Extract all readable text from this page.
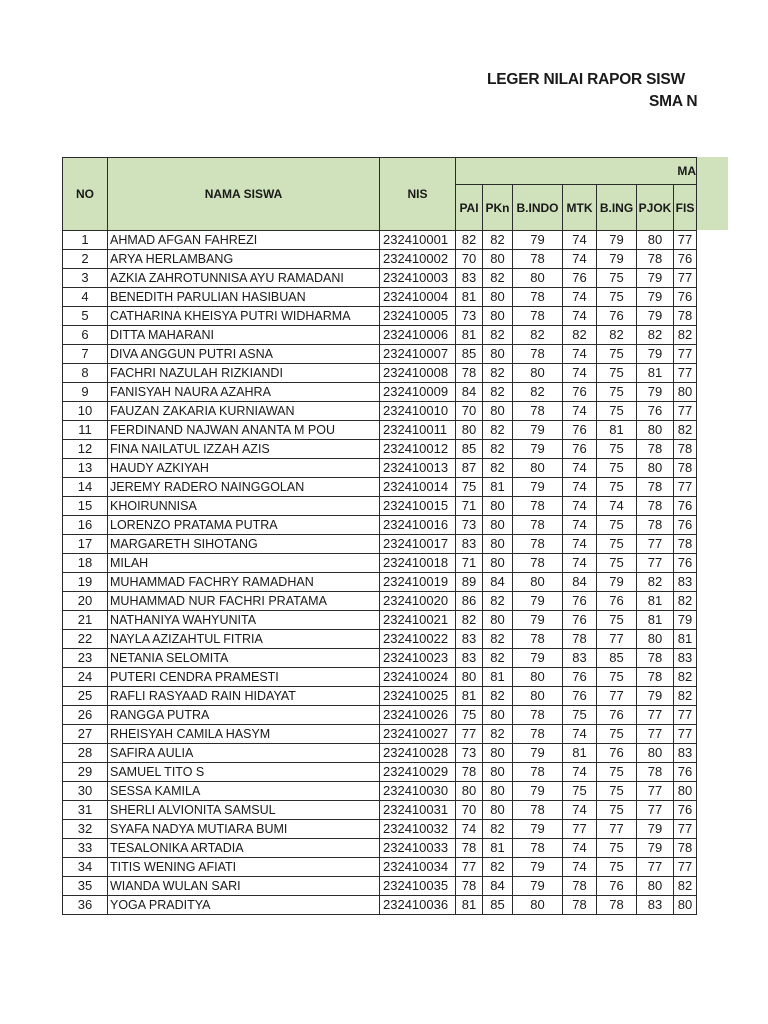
LEGER NILAI RAPOR SISW
SMA N
NO	NAMA SISWA	NIS	MA						
			PAI	PKn	B.INDO	MTK	B.ING	PJOK	FIS
1	AHMAD AFGAN FAHREZI	232410001	82	82	79	74	79	80	77
2	ARYA HERLAMBANG	232410002	70	80	78	74	79	78	76
3	AZKIA ZAHROTUNNISA AYU RAMADANI	232410003	83	82	80	76	75	79	77
4	BENEDITH PARULIAN HASIBUAN	232410004	81	80	78	74	75	79	76
5	CATHARINA KHEISYA PUTRI WIDHARMA	232410005	73	80	78	74	76	79	78
6	DITTA MAHARANI	232410006	81	82	82	82	82	82	82
7	DIVA ANGGUN PUTRI ASNA	232410007	85	80	78	74	75	79	77
8	FACHRI NAZULAH RIZKIANDI	232410008	78	82	80	74	75	81	77
9	FANISYAH NAURA AZAHRA	232410009	84	82	82	76	75	79	80
10	FAUZAN ZAKARIA KURNIAWAN	232410010	70	80	78	74	75	76	77
11	FERDINAND NAJWAN ANANTA M POU	232410011	80	82	79	76	81	80	82
12	FINA NAILATUL IZZAH AZIS	232410012	85	82	79	76	75	78	78
13	HAUDY AZKIYAH	232410013	87	82	80	74	75	80	78
14	JEREMY RADERO NAINGGOLAN	232410014	75	81	79	74	75	78	77
15	KHOIRUNNISA	232410015	71	80	78	74	74	78	76
16	LORENZO PRATAMA PUTRA	232410016	73	80	78	74	75	78	76
17	MARGARETH SIHOTANG	232410017	83	80	78	74	75	77	78
18	MILAH	232410018	71	80	78	74	75	77	76
19	MUHAMMAD FACHRY RAMADHAN	232410019	89	84	80	84	79	82	83
20	MUHAMMAD NUR FACHRI PRATAMA	232410020	86	82	79	76	76	81	82
21	NATHANIYA WAHYUNITA	232410021	82	80	79	76	75	81	79
22	NAYLA AZIZAHTUL FITRIA	232410022	83	82	78	78	77	80	81
23	NETANIA SELOMITA	232410023	83	82	79	83	85	78	83
24	PUTERI CENDRA PRAMESTI	232410024	80	81	80	76	75	78	82
25	RAFLI RASYAAD RAIN HIDAYAT	232410025	81	82	80	76	77	79	82
26	RANGGA PUTRA	232410026	75	80	78	75	76	77	77
27	RHEISYAH CAMILA HASYM	232410027	77	82	78	74	75	77	77
28	SAFIRA AULIA	232410028	73	80	79	81	76	80	83
29	SAMUEL TITO S	232410029	78	80	78	74	75	78	76
30	SESSA KAMILA	232410030	80	80	79	75	75	77	80
31	SHERLI ALVIONITA SAMSUL	232410031	70	80	78	74	75	77	76
32	SYAFA NADYA MUTIARA BUMI	232410032	74	82	79	77	77	79	77
33	TESALONIKA ARTADIA	232410033	78	81	78	74	75	79	78
34	TITIS WENING AFIATI	232410034	77	82	79	74	75	77	77
35	WIANDA WULAN SARI	232410035	78	84	79	78	76	80	82
36	YOGA PRADITYA	232410036	81	85	80	78	78	83	80
